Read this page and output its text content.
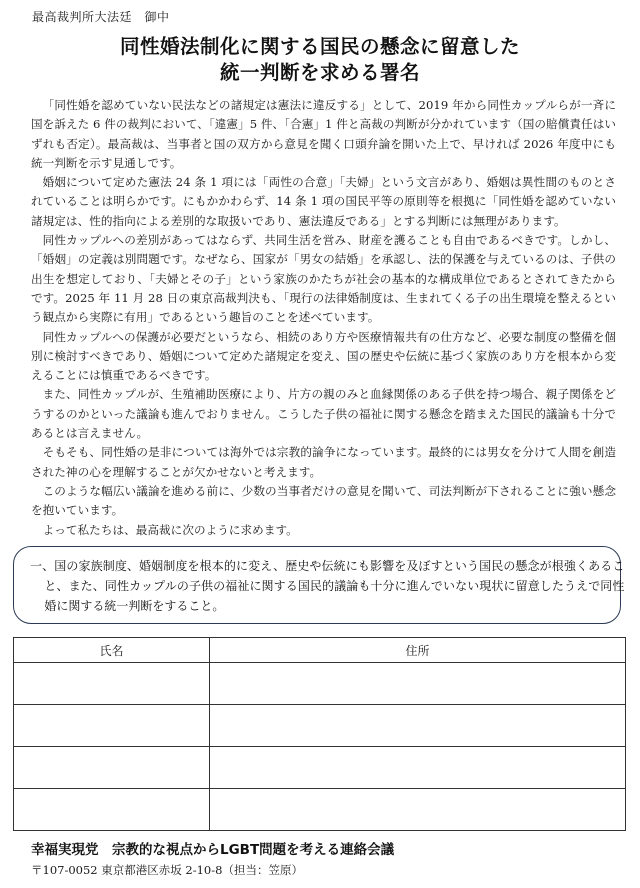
最高裁判所大法廷　御中
同性婚法制化に関する国民の懸念に留意した
統一判断を求める署名

「同性婚を認めていない民法などの諸規定は憲法に違反する」として、2019 年から同性カップルらが一斉に国を訴えた 6 件の裁判において、「違憲」5 件、「合憲」1 件と高裁の判断が分かれています（国の賠償責任はいずれも否定）。最高裁は、当事者と国の双方から意見を聞く口頭弁論を開いた上で、早ければ 2026 年度中にも統一判断を示す見通しです。

婚姻について定めた憲法 24 条 1 項には「両性の合意」「夫婦」という文言があり、婚姻は異性間のものとされていることは明らかです。にもかかわらず、14 条 1 項の国民平等の原則等を根拠に「同性婚を認めていない諸規定は、性的指向による差別的な取扱いであり、憲法違反である」とする判断には無理があります。

同性カップルへの差別があってはならず、共同生活を営み、財産を護ることも自由であるべきです。しかし、「婚姻」の定義は別問題です。なぜなら、国家が「男女の結婚」を承認し、法的保護を与えているのは、子供の出生を想定しており、「夫婦とその子」という家族のかたちが社会の基本的な構成単位であるとされてきたからです。2025 年 11 月 28 日の東京高裁判決も、「現行の法律婚制度は、生まれてくる子の出生環境を整えるという観点から実際に有用」であるという趣旨のことを述べています。

同性カップルへの保護が必要だというなら、相続のあり方や医療情報共有の仕方など、必要な制度の整備を個別に検討すべきであり、婚姻について定めた諸規定を変え、国の歴史や伝統に基づく家族のあり方を根本から変えることには慎重であるべきです。

また、同性カップルが、生殖補助医療により、片方の親のみと血縁関係のある子供を持つ場合、親子関係をどうするのかといった議論も進んでおりません。こうした子供の福祉に関する懸念を踏まえた国民的議論も十分であるとは言えません。

そもそも、同性婚の是非については海外では宗教的論争になっています。最終的には男女を分けて人間を創造された神の心を理解することが欠かせないと考えます。

このような幅広い議論を進める前に、少数の当事者だけの意見を聞いて、司法判断が下されることに強い懸念を抱いています。

よって私たちは、最高裁に次のように求めます。

一、国の家族制度、婚姻制度を根本的に変え、歴史や伝統にも影響を及ぼすという国民の懸念が根強くあること、また、同性カップルの子供の福祉に関する国民的議論も十分に進んでいない現状に留意したうえで同性婚に関する統一判断をすること。
氏名	住所

幸福実現党　宗教的な視点からLGBT問題を考える連絡会議
〒107-0052 東京都港区赤坂 2-10-8（担当：笠原）
